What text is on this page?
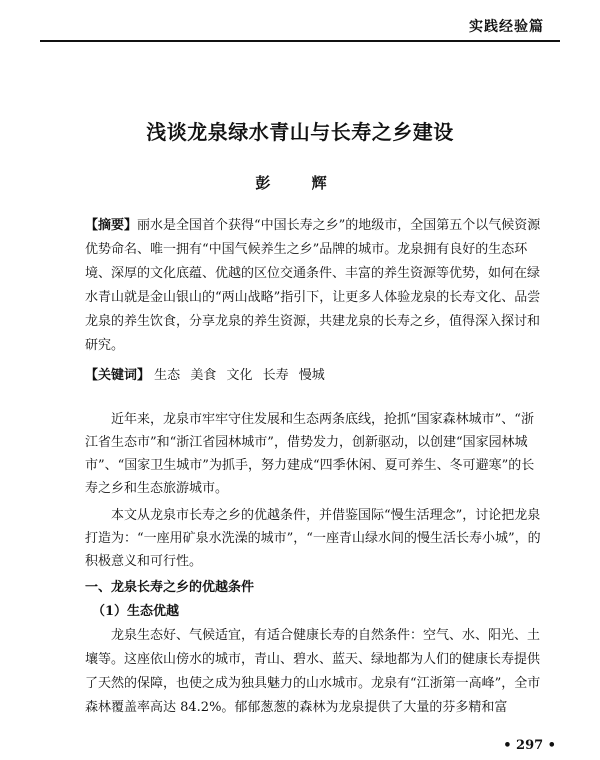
实践经验篇
浅谈龙泉绿水青山与长寿之乡建设
彭 辉
【摘要】丽水是全国首个获得“中国长寿之乡”的地级市，全国第五个以气候资源优势命名、唯一拥有“中国气候养生之乡”品牌的城市。龙泉拥有良好的生态环境、深厚的文化底蕴、优越的区位交通条件、丰富的养生资源等优势，如何在绿水青山就是金山银山的“两山战略”指引下，让更多人体验龙泉的长寿文化、品尝龙泉的养生饮食，分享龙泉的养生资源，共建龙泉的长寿之乡，值得深入探讨和研究。
【关键词】 生态 美食 文化 长寿 慢城

近年来，龙泉市牢牢守住发展和生态两条底线，抢抓“国家森林城市”、“浙江省生态市”和“浙江省园林城市”，借势发力，创新驱动，以创建“国家园林城市”、“国家卫生城市”为抓手，努力建成“四季休闲、夏可养生、冬可避寒”的长寿之乡和生态旅游城市。

本文从龙泉市长寿之乡的优越条件，并借鉴国际“慢生活理念”，讨论把龙泉打造为：“一座用矿泉水洗澡的城市”，“一座青山绿水间的慢生活长寿小城”，的积极意义和可行性。

一、龙泉长寿之乡的优越条件
（1）生态优越

龙泉生态好、气候适宜，有适合健康长寿的自然条件：空气、水、阳光、土壤等。这座依山傍水的城市，青山、碧水、蓝天、绿地都为人们的健康长寿提供了天然的保障，也使之成为独具魅力的山水城市。龙泉有“江浙第一高峰”，全市森林覆盖率高达 84.2%。郁郁葱葱的森林为龙泉提供了大量的芬多精和富

• 297 •
